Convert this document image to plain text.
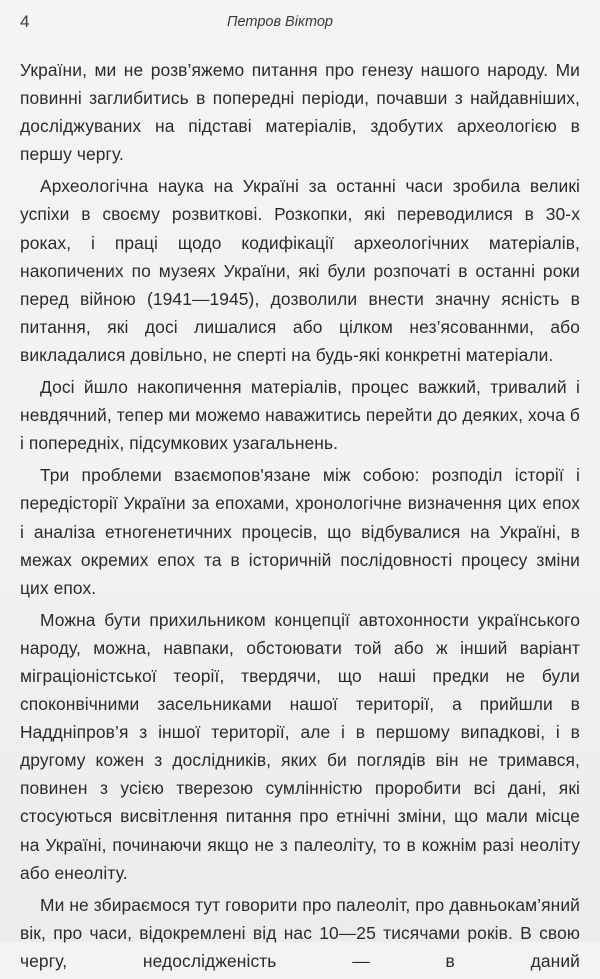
4	Петров Віктор

України, ми не розв’яжемо питання про генезу нашого народу. Ми повинні заглибитись в попередні періоди, почавши з найдавніших, досліджуваних на підставі матеріалів, здобутих археологією в першу чергу.

Археологічна наука на Україні за останні часи зробила великі успіхи в своєму розвиткові. Розкопки, які переводилися в 30-х роках, і праці щодо кодифікації археологічних матеріалів, накопичених по музеях України, які були розпочаті в останні роки перед війною (1941—1945), дозволили внести значну ясність в питання, які досі лишалися або цілком нез’ясованнми, або викладалися довільно, не сперті на будь-які конкретні матеріали.

Досі йшло накопичення матеріалів, процес важкий, тривалий і невдячний, тепер ми можемо наважитись перейти до деяких, хоча б і попередніх, підсумкових узагальнень.

Три проблеми взаємопов'язане між собою: розподіл історії і передісторії України за епохами, хронологічне визначення цих епох і аналіза етногенетичних процесів, що відбувалися на Україні, в межах окремих епох та в історичній послідовності процесу зміни цих епох.

Можна бути прихильником концепції автохонности українського народу, можна, навпаки, обстоювати той або ж інший варіант міграціоністської теорії, твердячи, що наші предки не були споконвічними засельниками нашої території, а прийшли в Наддніпров’я з іншої території, але і в першому випадкові, і в другому кожен з дослідників, яких би поглядів він не тримався, повинен з усією тверезою сумлінністю проробити всі дані, які стосуються висвітлення питання про етнічні зміни, що мали місце на Україні, починаючи якщо не з палеоліту, то в кожнім разі неоліту або енеоліту.

Ми не збираємося тут говорити про палеоліт, про давньокам’яний вік, про часи, відокремлені від нас 10—25 тисячами років. В свою чергу, недослідженість — в даний
